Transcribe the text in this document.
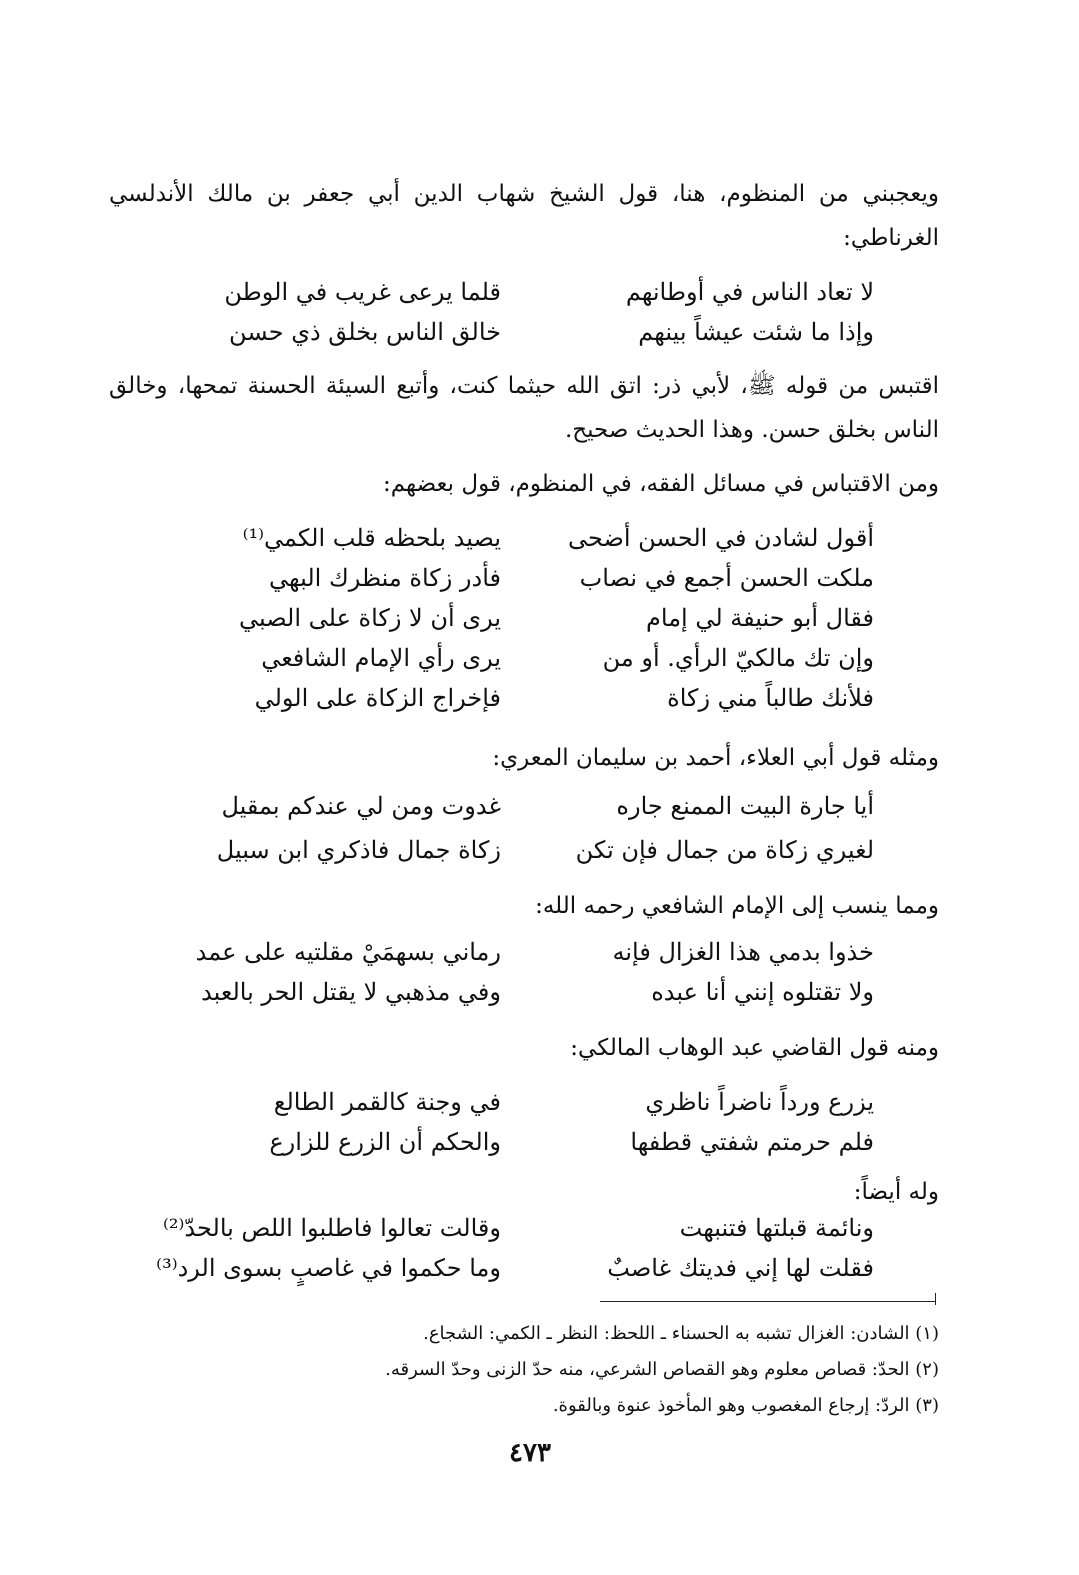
ويعجبني من المنظوم، هنا، قول الشيخ شهاب الدين أبي جعفر بن مالك الأندلسي الغرناطي:
لا تعاد الناس في أوطانهم
قلما يرعى غريب في الوطن
وإذا ما شئت عيشاً بينهم
خالق الناس بخلق ذي حسن
اقتبس من قوله ﷺ، لأبي ذر: اتق الله حيثما كنت، وأتبع السيئة الحسنة تمحها، وخالق الناس بخلق حسن. وهذا الحديث صحيح.
ومن الاقتباس في مسائل الفقه، في المنظوم، قول بعضهم:
أقول لشادن في الحسن أضحى
يصيد بلحظه قلب الكمي⁽¹⁾
ملكت الحسن أجمع في نصاب
فأدر زكاة منظرك البهي
فقال أبو حنيفة لي إمام
يرى أن لا زكاة على الصبي
وإن تك مالكيّ الرأي. أو من
يرى رأي الإمام الشافعي
فلأنك طالباً مني زكاة
فإخراج الزكاة على الولي
ومثله قول أبي العلاء، أحمد بن سليمان المعري:
أيا جارة البيت الممنع جاره
غدوت ومن لي عندكم بمقيل
لغيري زكاة من جمال فإن تكن
زكاة جمال فاذكري ابن سبيل
ومما ينسب إلى الإمام الشافعي رحمه الله:
خذوا بدمي هذا الغزال فإنه
رماني بسهمَيْ مقلتيه على عمد
ولا تقتلوه إنني أنا عبده
وفي مذهبي لا يقتل الحر بالعبد
ومنه قول القاضي عبد الوهاب المالكي:
يزرع ورداً ناضراً ناظري
في وجنة كالقمر الطالع
فلم حرمتم شفتي قطفها
والحكم أن الزرع للزارع
وله أيضاً:
ونائمة قبلتها فتنبهت
وقالت تعالوا فاطلبوا اللص بالحدّ⁽²⁾
فقلت لها إني فديتك غاصبٌ
وما حكموا في غاصبٍ بسوى الرد⁽³⁾
(١) الشادن: الغزال تشبه به الحسناء ـ اللحظ: النظر ـ الكمي: الشجاع.
(٢) الحدّ: قصاص معلوم وهو القصاص الشرعي، منه حدّ الزنى وحدّ السرقه.
(٣) الردّ: إرجاع المغصوب وهو المأخوذ عنوة وبالقوة.
٤٧٣
